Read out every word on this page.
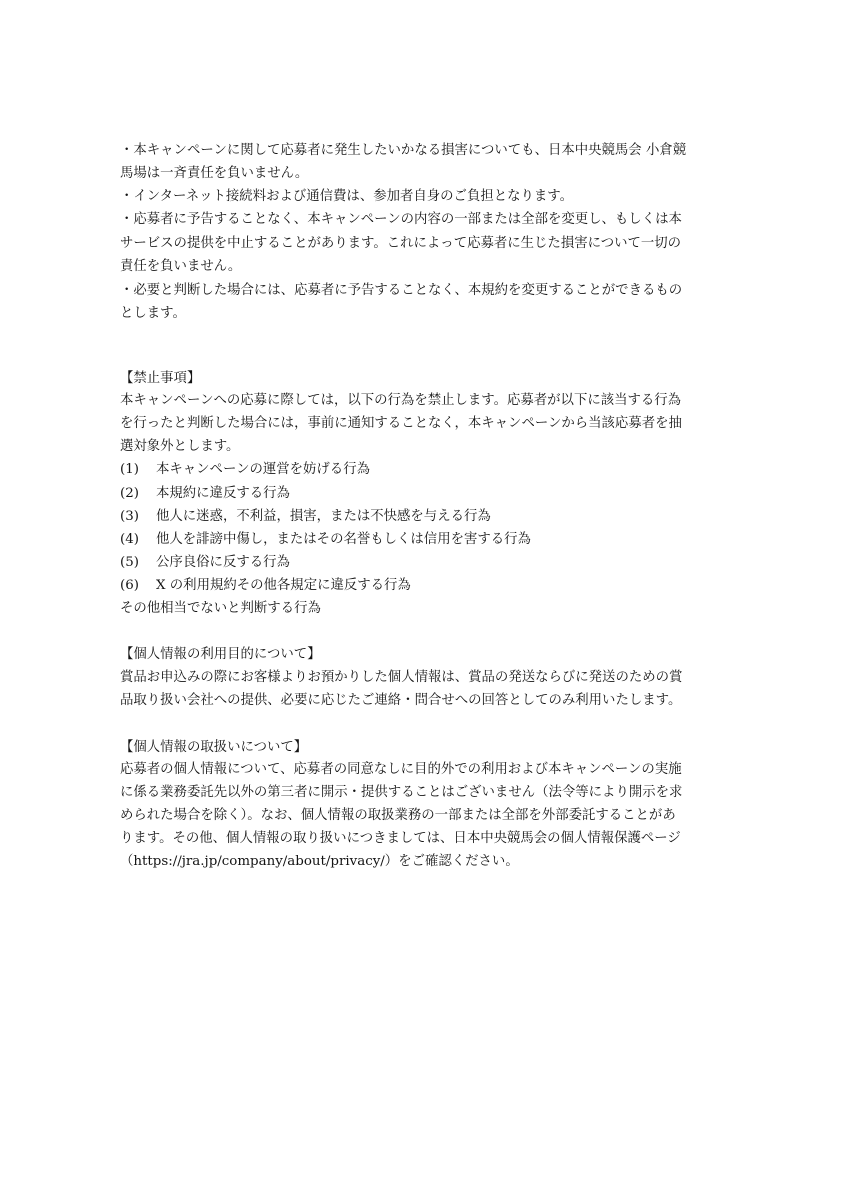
・本キャンペーンに関して応募者に発生したいかなる損害についても、日本中央競馬会 小倉競
馬場は一斉責任を負いません。
・インターネット接続料および通信費は、参加者自身のご負担となります。
・応募者に予告することなく、本キャンペーンの内容の一部または全部を変更し、もしくは本
サービスの提供を中止することがあります。これによって応募者に生じた損害について一切の
責任を負いません。
・必要と判断した場合には、応募者に予告することなく、本規約を変更することができるもの
とします。
【禁止事項】
本キャンペーンへの応募に際しては，以下の行為を禁止します。応募者が以下に該当する行為
を行ったと判断した場合には，事前に通知することなく，本キャンペーンから当該応募者を抽
選対象外とします。
(1) 本キャンペーンの運営を妨げる行為
(2) 本規約に違反する行為
(3) 他人に迷惑，不利益，損害，または不快感を与える行為
(4) 他人を誹謗中傷し，またはその名誉もしくは信用を害する行為
(5) 公序良俗に反する行為
(6) X の利用規約その他各規定に違反する行為
その他相当でないと判断する行為
【個人情報の利用目的について】
賞品お申込みの際にお客様よりお預かりした個人情報は、賞品の発送ならびに発送のための賞
品取り扱い会社への提供、必要に応じたご連絡・問合せへの回答としてのみ利用いたします。
【個人情報の取扱いについて】
応募者の個人情報について、応募者の同意なしに目的外での利用および本キャンペーンの実施
に係る業務委託先以外の第三者に開示・提供することはございません（法令等により開示を求
められた場合を除く）。なお、個人情報の取扱業務の一部または全部を外部委託することがあ
ります。その他、個人情報の取り扱いにつきましては、日本中央競馬会の個人情報保護ページ
（https://jra.jp/company/about/privacy/）をご確認ください。
